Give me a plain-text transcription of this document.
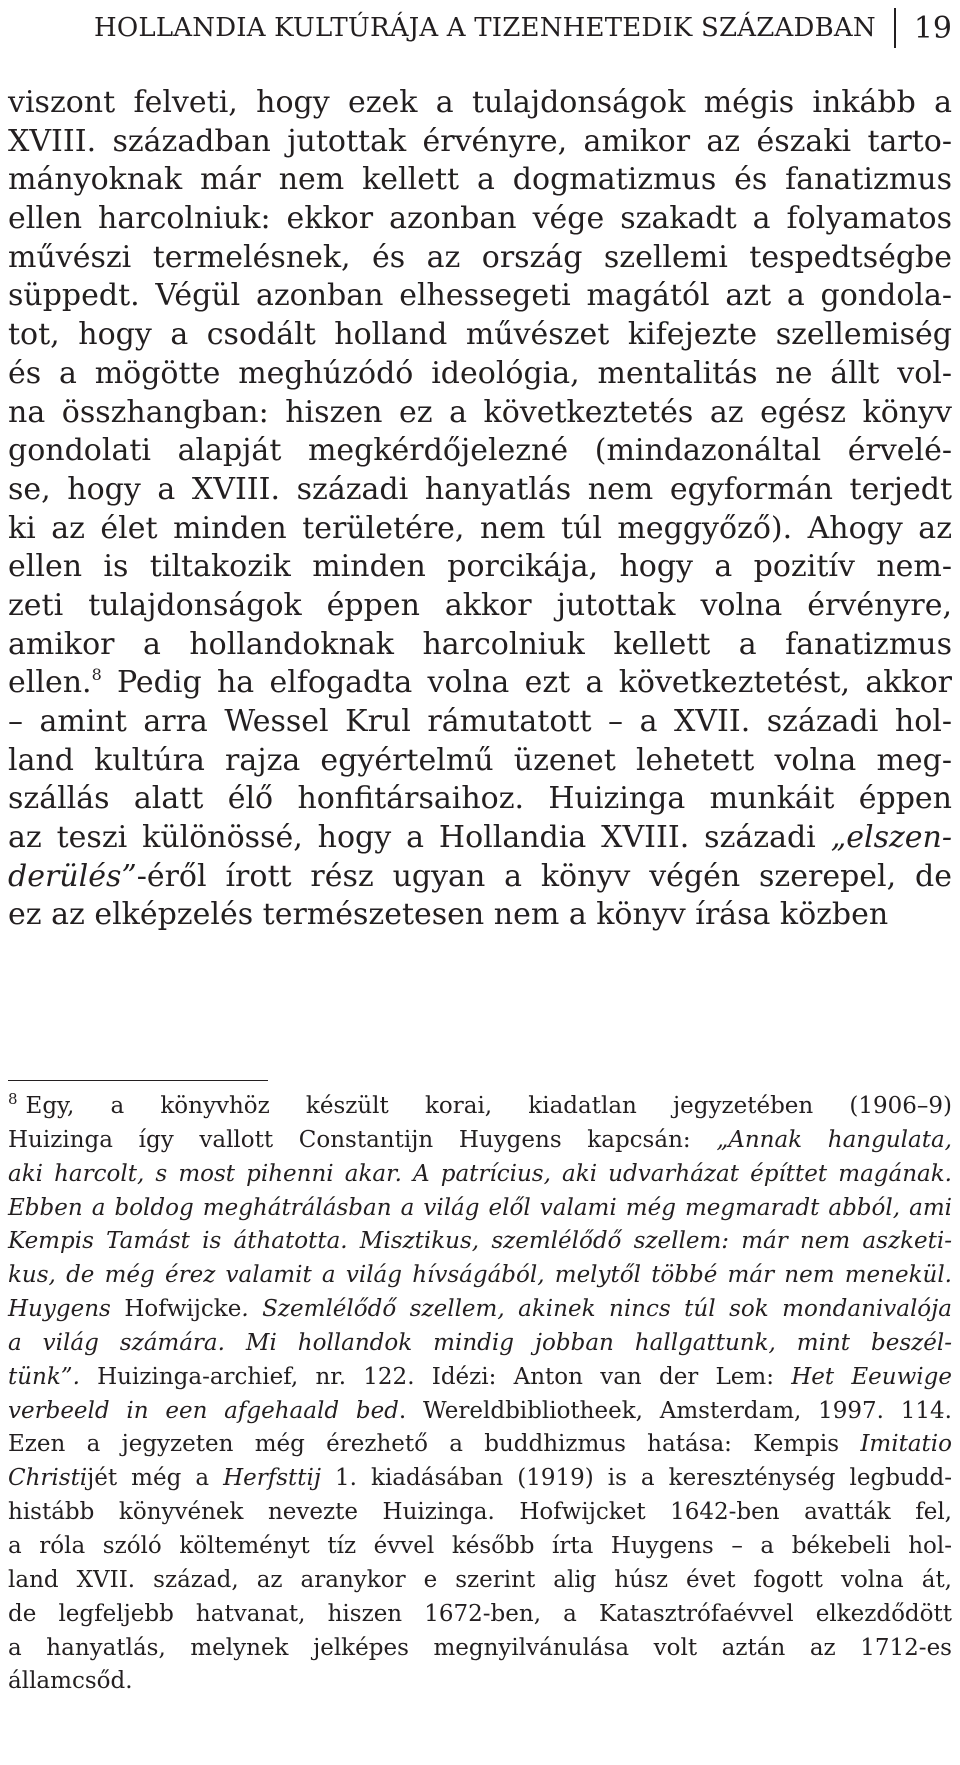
HOLLANDIA KULTÚRÁJA A TIZENHETEDIK SZÁZADBAN 19
viszont felveti, hogy ezek a tulajdonságok mégis inkább a
XVIII. században jutottak érvényre, amikor az északi tarto-
mányoknak már nem kellett a dogmatizmus és fanatizmus
ellen harcolniuk: ekkor azonban vége szakadt a folyamatos
művészi termelésnek, és az ország szellemi tespedtségbe
süppedt. Végül azonban elhessegeti magától azt a gondola-
tot, hogy a csodált holland művészet kifejezte szellemiség
és a mögötte meghúzódó ideológia, mentalitás ne állt vol-
na összhangban: hiszen ez a következtetés az egész könyv
gondolati alapját megkérdőjelezné (mindazonáltal érvelé-
se, hogy a XVIII. századi hanyatlás nem egyformán terjedt
ki az élet minden területére, nem túl meggyőző). Ahogy az
ellen is tiltakozik minden porcikája, hogy a pozitív nem-
zeti tulajdonságok éppen akkor jutottak volna érvényre,
amikor a hollandoknak harcolniuk kellett a fanatizmus
ellen.$^8$ Pedig ha elfogadta volna ezt a következtetést, akkor
– amint arra Wessel Krul rámutatott – a XVII. századi hol-
land kultúra rajza egyértelmű üzenet lehetett volna meg-
szállás alatt élő honfitársaihoz. Huizinga munkáit éppen
az teszi különössé, hogy a Hollandia XVIII. századi „elszen-
derülés”-éről írott rész ugyan a könyv végén szerepel, de
ez az elképzelés természetesen nem a könyv írása közben
$^8$ Egy, a könyvhöz készült korai, kiadatlan jegyzetében (1906–9)
Huizinga így vallott Constantijn Huygens kapcsán: „Annak hangulata,
aki harcolt, s most pihenni akar. A patrícius, aki udvarházat építtet magának.
Ebben a boldog meghátrálásban a világ elől valami még megmaradt abból, ami
Kempis Tamást is áthatotta. Misztikus, szemlélődő szellem: már nem aszketi-
kus, de még érez valamit a világ hívságából, melytől többé már nem menekül.
Huygens Hofwijcke. Szemlélődő szellem, akinek nincs túl sok mondanivalója
a világ számára. Mi hollandok mindig jobban hallgattunk, mint beszél-
tünk”. Huizinga-archief, nr. 122. Idézi: Anton van der Lem: Het Eeuwige
verbeeld in een afgehaald bed. Wereldbibliotheek, Amsterdam, 1997. 114.
Ezen a jegyzeten még érezhető a buddhizmus hatása: Kempis Imitatio
Christijét még a Herfsttij 1. kiadásában (1919) is a kereszténység legbudd-
histább könyvének nevezte Huizinga. Hofwijcket 1642-ben avatták fel,
a róla szóló költeményt tíz évvel később írta Huygens – a békebeli hol-
land XVII. század, az aranykor e szerint alig húsz évet fogott volna át,
de legfeljebb hatvanat, hiszen 1672-ben, a Katasztrófaévvel elkezdődött
a hanyatlás, melynek jelképes megnyilvánulása volt aztán az 1712-es
államcsőd.
